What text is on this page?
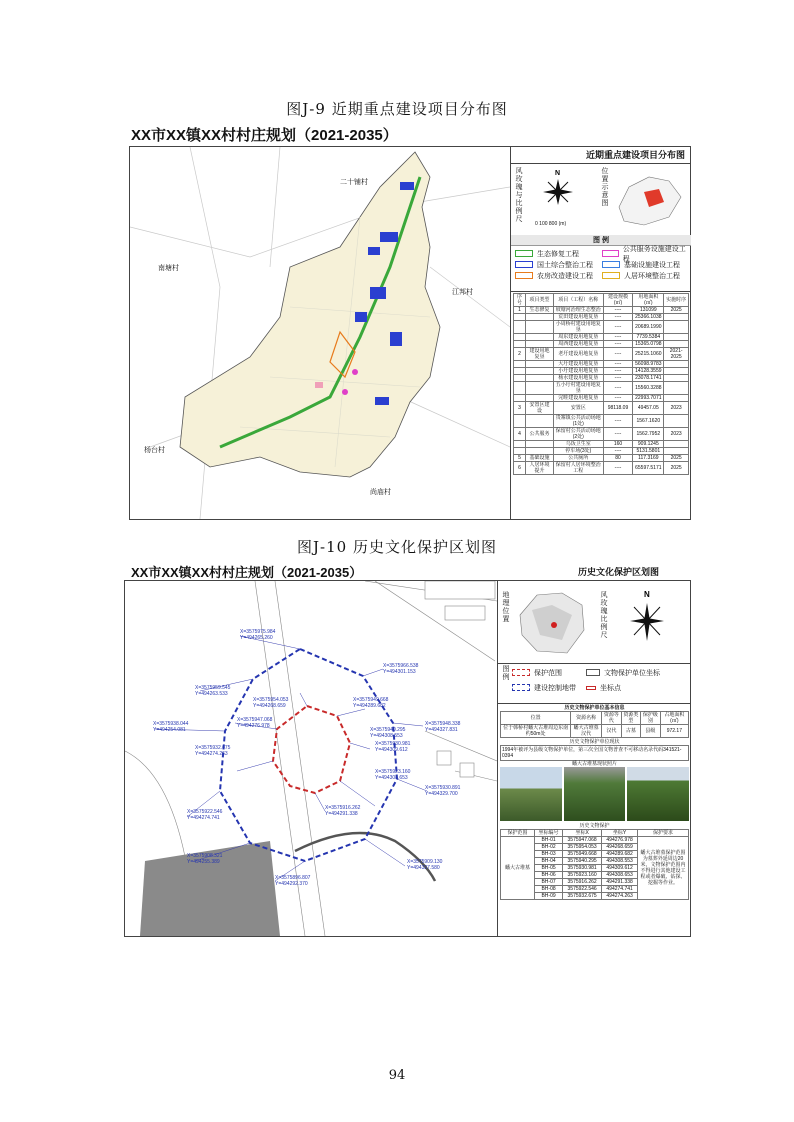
图J-9 近期重点建设项目分布图
XX市XX镇XX村村庄规划（2021-2035）
二十铺村
南塘村
江邦村
杨台村
尚庙村
近期重点建设项目分布图
风玫瑰与比例尺	N
0 100 800 (m)
位置示意图
图 例
生态修复工程
公共服务设施建设工程
国土综合整治工程	基础设施建设工程
农房改造建设工程	人居环境整治工程
序号	项目类型	项目（工程）名称	建设规模(㎡)	用地面积(㎡)	实施时序
1	生态修复	坡塘河治理生态整治	----	131099	2025
		荒田建设用地复垦	----	25366.1038	
		小周桥村建设用地复垦	----	20689.1990	
		周东建设用地复垦	----	7739.5384	
		周西建设用地复垦	----	15365.0798	
2	建设用地复垦	老圩建设用地复垦	----	25215.1060	2021-2025
		大圩建设用地复垦	----	56098.9783	
		小圩建设用地复垦	----	14128.3559	
		杨水建设用地复垦	----	23078.1741	
		五小圩村建设用地复垦	----	15560.3288	
		完畦建设用地复垦	----	22993.7071	
3	安置区建设	安置区	98118.09	49457.05	2023
		贵寨镇公共活动场地(1处)	----	1567.1620	
4	公共服务	保留村公共活动场地(2处)	----	1562.7952	2023
		乌饭卫生室	160	909.1245	
		停车场(3处)	----	5131.5801	
5	基础设施	公共厕所	80	117.3169	2025
6	人居环境提升	保留村人居环境整治工程	----	65597.5171	2025
图J-10 历史文化保护区划图
XX市XX镇XX村村庄规划（2021-2035）	历史文化保护区划图
X=3575975.984
Y=494265.260
X=3575959.545
Y=494263.533
X=3575966.538
Y=494301.153
X=3575938.044
Y=494254.081
X=3575954.053
Y=494268.659
X=3575947.068
Y=494276.978
X=3575949.668
Y=494289.682
X=3575940.295
Y=494308.553
X=3575932.675
Y=494274.263
X=3575930.981
Y=494309.612
X=3575922.546
Y=494274.741
X=3575923.160
Y=494308.653
X=3575916.262
Y=494291.338
X=3575908.321
Y=494255.389
X=3575896.807
Y=494292.370
X=3575909.130
Y=494327.580
X=3575948.338
Y=494327.831
X=3575930.891
Y=494329.700
地理位置	风玫瑰比例尺	N
图例	保护范围	文物保护单位坐标
建设控制地带	坐标点
历史文物保护单位基本信息
位置	资源名称	资源等代	资源类型	保护级别	占地面积(㎡)
位于韩桥村蟠大古堆周边东南约50m处	蟠大古堆墓汉代	汉代	古墓	县级	972.17
历史文物保护单位现状
1994年被评为县级文物保护单位，第三次全国文物普查不可移动名录代码341521-0394
蟠大古堆墓现状照片
历史文物保护
保护范围	坐标编号	坐标X	坐标Y	保护要求
蟠大古堆墓	BH-01	3575947.068	494276.978	蟠大古堆墓保护范围为墓葬外延周边20米，文物保护范围内不得进行其他建设工程或者爆破、钻探、挖掘等作业。
	BH-02	3575954.053	494268.659	
	BH-03	3575949.668	494289.682	
	BH-04	3575940.295	494308.553	
	BH-05	3575930.981	494309.612	
	BH-06	3575923.160	494308.653	
	BH-07	3575916.262	494291.338	
	BH-08	3575922.546	494274.741	
	BH-09	3575932.675	494274.263	
94
